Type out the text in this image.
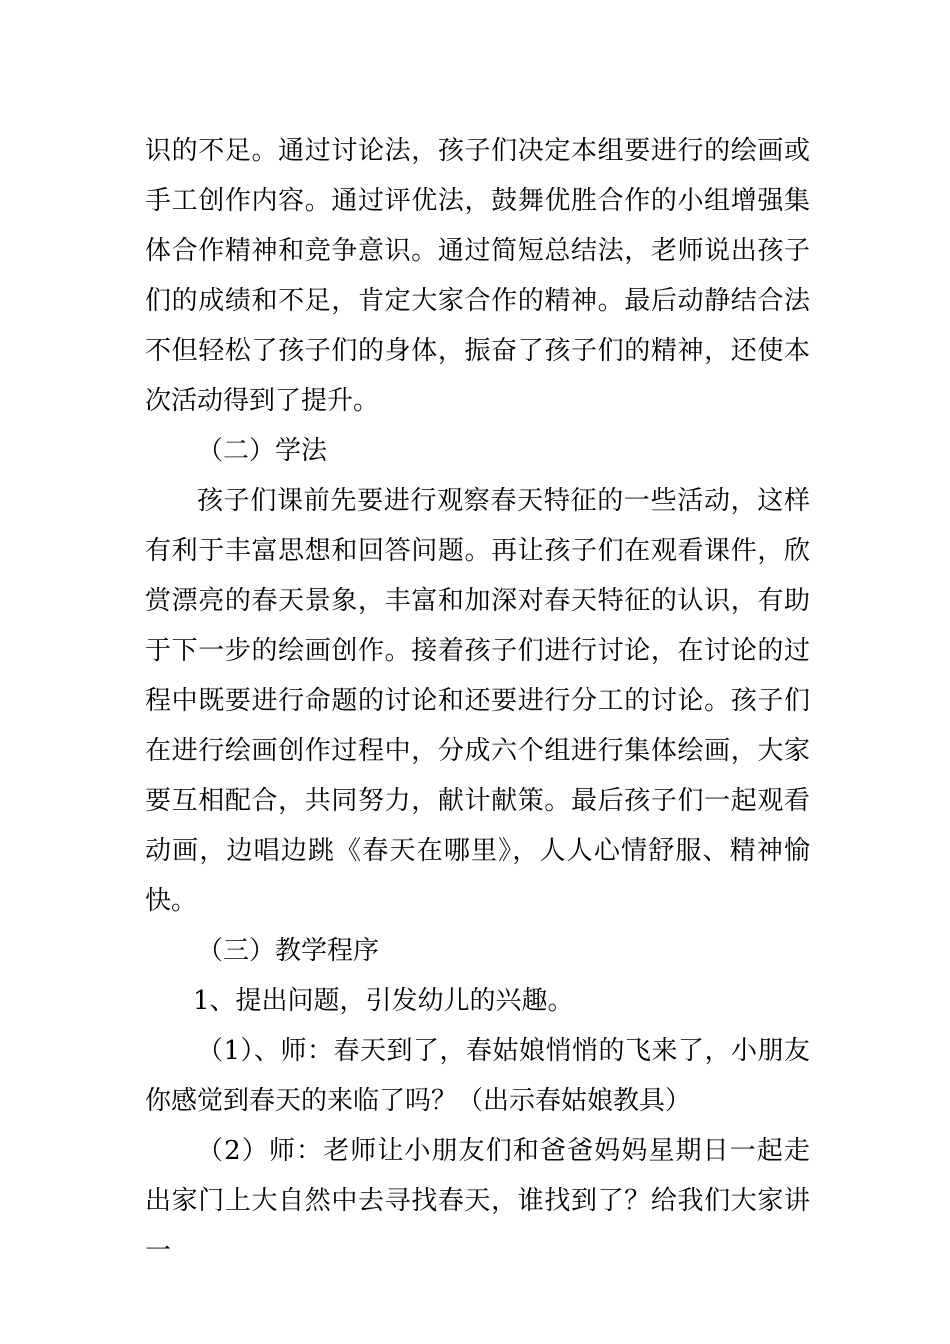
识的不足。通过讨论法，孩子们决定本组要进行的绘画或手工创作内容。通过评优法，鼓舞优胜合作的小组增强集体合作精神和竞争意识。通过简短总结法，老师说出孩子们的成绩和不足，肯定大家合作的精神。最后动静结合法不但轻松了孩子们的身体，振奋了孩子们的精神，还使本次活动得到了提升。

（二）学法

孩子们课前先要进行观察春天特征的一些活动，这样有利于丰富思想和回答问题。再让孩子们在观看课件，欣赏漂亮的春天景象，丰富和加深对春天特征的认识，有助于下一步的绘画创作。接着孩子们进行讨论，在讨论的过程中既要进行命题的讨论和还要进行分工的讨论。孩子们在进行绘画创作过程中，分成六个组进行集体绘画，大家要互相配合，共同努力，献计献策。最后孩子们一起观看动画，边唱边跳《春天在哪里》，人人心情舒服、精神愉快。

（三）教学程序

1、提出问题，引发幼儿的兴趣。

（1）、师：春天到了，春姑娘悄悄的飞来了，小朋友你感觉到春天的来临了吗？（出示春姑娘教具）

（2）师：老师让小朋友们和爸爸妈妈星期日一起走出家门上大自然中去寻找春天，谁找到了？给我们大家讲一
